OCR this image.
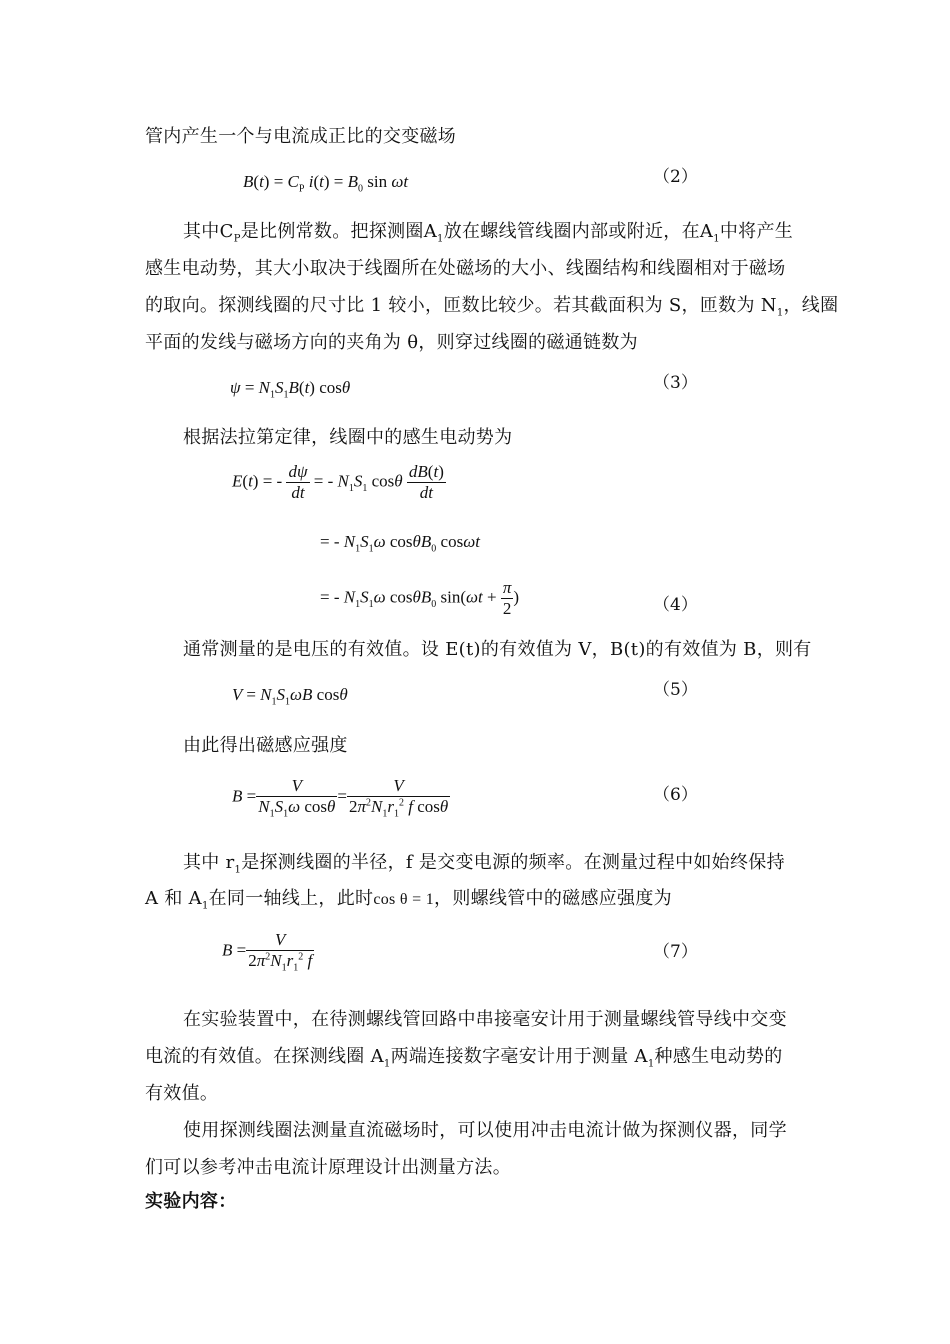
管内产生一个与电流成正比的交变磁场
$B(t) = C_P$ $i(t) = B_0$ sin ωt	（2）
其中$C_P$是比例常数。把探测圈$A_1$放在螺线管线圈内部或附近，在$A_1$中将产生
感生电动势，其大小取决于线圈所在处磁场的大小、线圈结构和线圈相对于磁场
的取向。探测线圈的尺寸比 1 较小，匝数比较少。若其截面积为 S，匝数为 $N_1$，线圈
平面的发线与磁场方向的夹角为 θ，则穿过线圈的磁通链数为
$\psi = N_1S_1B(t)$ cosθ	（3）
根据法拉第定律，线圈中的感生电动势为
E(t) = - $\frac{d\psi}{dt}$ = - $N_1S_1$ cosθ $\frac{dB(t)}{dt}$
= - $N_1S_1\omega$ cosθB$_0$ cosωt
= - $N_1S_1\omega$ cosθB$_0$ $\sin(\omega t + \frac{\pi}{2}$ )	（4）
通常测量的是电压的有效值。设 E(t)的有效值为 V，B(t)的有效值为 B，则有
$V = N_1S_1\omega B$ cosθ	（5）
由此得出磁感应强度
$B = \frac{V}{N_1S_1\omega \cos\theta} = \frac{V}{2\pi^2N_1r_1^2 f \cos\theta}$	（6）
其中 $r_1$是探测线圈的半径，f 是交变电源的频率。在测量过程中如始终保持
A 和 $A_1$在同一轴线上，此时cos θ = 1，则螺线管中的磁感应强度为
$B = \frac{V}{2\pi^2N_1r_1^2 f}$	（7）
在实验装置中，在待测螺线管回路中串接毫安计用于测量螺线管导线中交变
电流的有效值。在探测线圈 $A_1$两端连接数字毫安计用于测量 $A_1$种感生电动势的
有效值。
使用探测线圈法测量直流磁场时，可以使用冲击电流计做为探测仪器，同学
们可以参考冲击电流计原理设计出测量方法。
实验内容：
